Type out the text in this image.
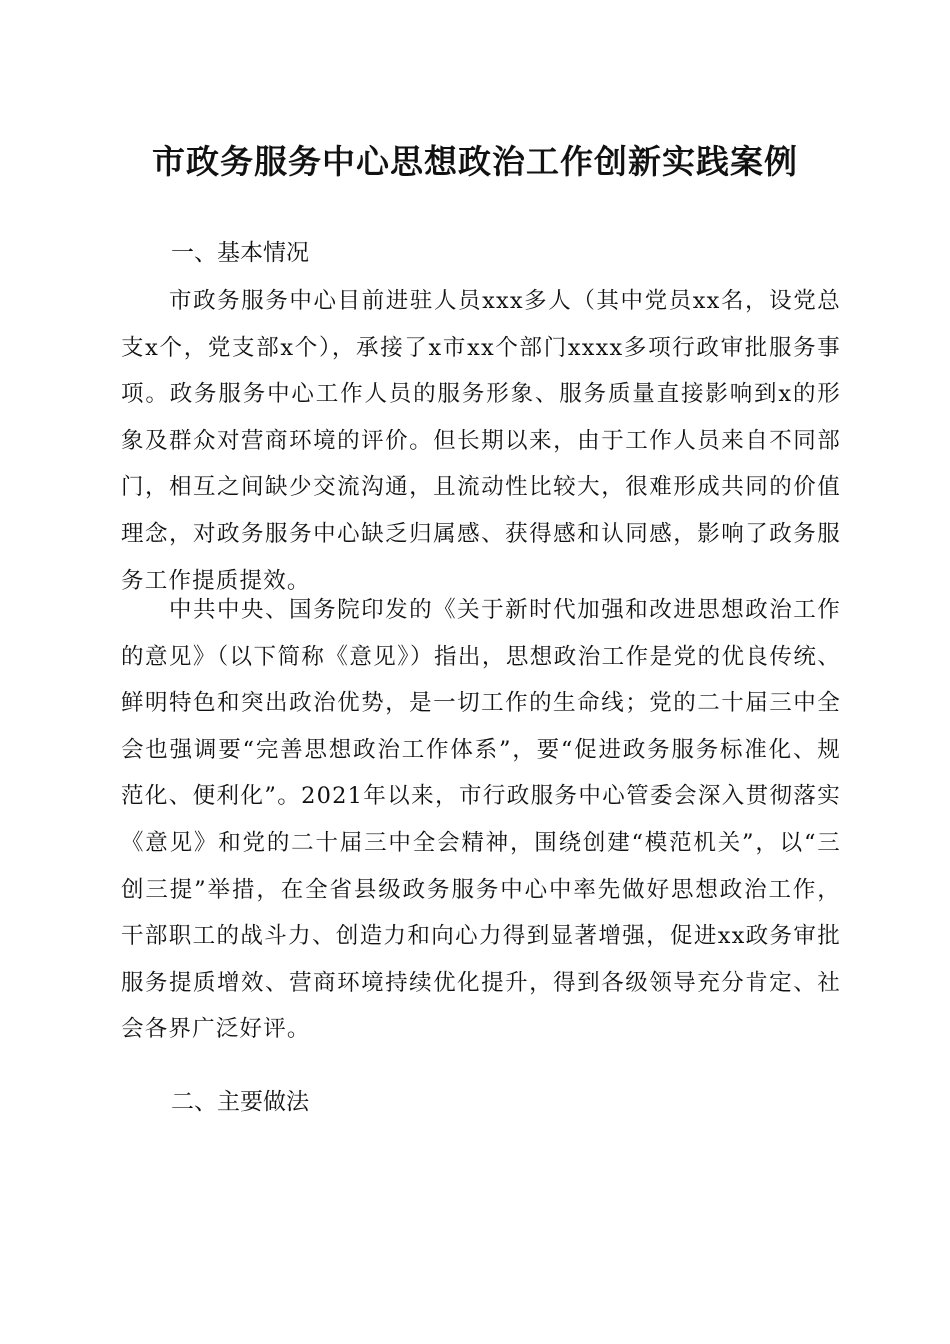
市政务服务中心思想政治工作创新实践案例
一、基本情况

市政务服务中心目前进驻人员xxx多人（其中党员xx名，设党总支x个，党支部x个），承接了x市xx个部门xxxx多项行政审批服务事项。政务服务中心工作人员的服务形象、服务质量直接影响到x的形象及群众对营商环境的评价。但长期以来，由于工作人员来自不同部门，相互之间缺少交流沟通，且流动性比较大，很难形成共同的价值理念，对政务服务中心缺乏归属感、获得感和认同感，影响了政务服务工作提质提效。

中共中央、国务院印发的《关于新时代加强和改进思想政治工作的意见》（以下简称《意见》）指出，思想政治工作是党的优良传统、鲜明特色和突出政治优势，是一切工作的生命线；党的二十届三中全会也强调要“完善思想政治工作体系”，要“促进政务服务标准化、规范化、便利化”。2021年以来，市行政服务中心管委会深入贯彻落实《意见》和党的二十届三中全会精神，围绕创建“模范机关”，以“三创三提”举措，在全省县级政务服务中心中率先做好思想政治工作，干部职工的战斗力、创造力和向心力得到显著增强，促进xx政务审批服务提质增效、营商环境持续优化提升，得到各级领导充分肯定、社会各界广泛好评。

二、主要做法
